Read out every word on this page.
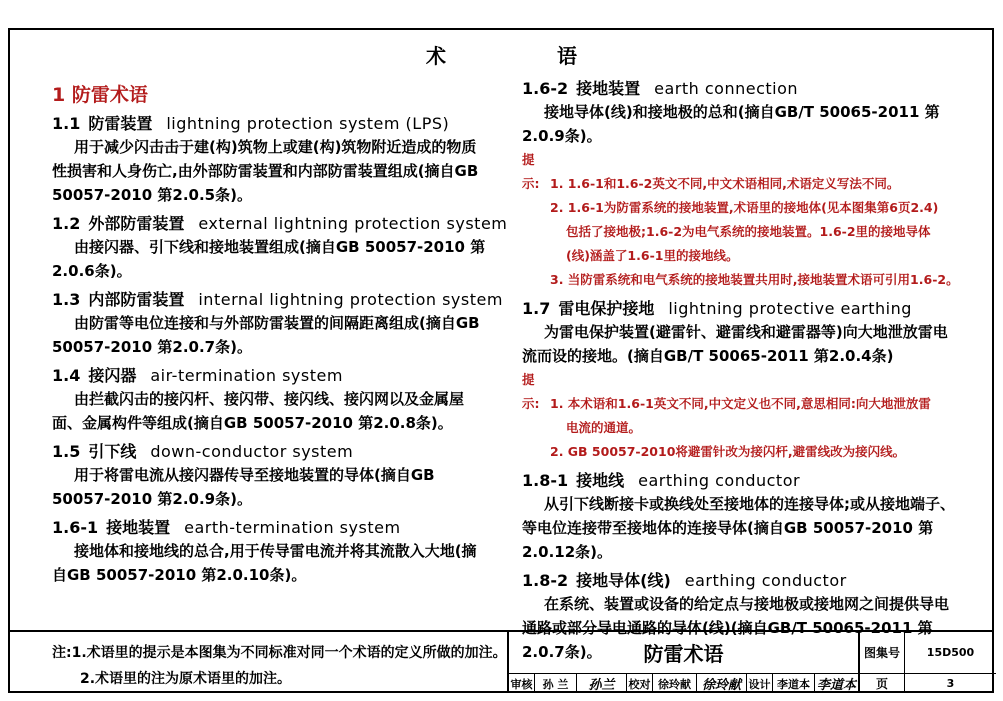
术 语
1 防雷术语
1.1 防雷装置 lightning protection system (LPS)
用于减少闪击击于建(构)筑物上或建(构)筑物附近造成的物质性损害和人身伤亡,由外部防雷装置和内部防雷装置组成(摘自GB 50057-2010 第2.0.5条)。
1.2 外部防雷装置 external lightning protection system
由接闪器、引下线和接地装置组成(摘自GB 50057-2010 第2.0.6条)。
1.3 内部防雷装置 internal lightning protection system
由防雷等电位连接和与外部防雷装置的间隔距离组成(摘自GB 50057-2010 第2.0.7条)。
1.4 接闪器 air-termination system
由拦截闪击的接闪杆、接闪带、接闪线、接闪网以及金属屋面、金属构件等组成(摘自GB 50057-2010 第2.0.8条)。
1.5 引下线 down-conductor system
用于将雷电流从接闪器传导至接地装置的导体(摘自GB 50057-2010 第2.0.9条)。
1.6-1 接地装置 earth-termination system
接地体和接地线的总合,用于传导雷电流并将其流散入大地(摘自GB 50057-2010 第2.0.10条)。
1.6-2 接地装置 earth connection
接地导体(线)和接地极的总和(摘自GB/T 50065-2011 第2.0.9条)。
提示: 1. 1.6-1和1.6-2英文不同,中文术语相同,术语定义写法不同。
2. 1.6-1为防雷系统的接地装置,术语里的接地体(见本图集第6页2.4)
包括了接地极;1.6-2为电气系统的接地装置。1.6-2里的接地导体
(线)涵盖了1.6-1里的接地线。
3. 当防雷系统和电气系统的接地装置共用时,接地装置术语可引用1.6-2。
1.7 雷电保护接地 lightning protective earthing
为雷电保护装置(避雷针、避雷线和避雷器等)向大地泄放雷电流而设的接地。(摘自GB/T 50065-2011 第2.0.4条)
提示: 1. 本术语和1.6-1英文不同,中文定义也不同,意思相同:向大地泄放雷
电流的通道。
2. GB 50057-2010将避雷针改为接闪杆,避雷线改为接闪线。
1.8-1 接地线 earthing conductor
从引下线断接卡或换线处至接地体的连接导体;或从接地端子、等电位连接带至接地体的连接导体(摘自GB 50057-2010 第2.0.12条)。
1.8-2 接地导体(线) earthing conductor
在系统、装置或设备的给定点与接地极或接地网之间提供导电通路或部分导电通路的导体(线)(摘自GB/T 50065-2011 第2.0.7条)。
注:1.术语里的提示是本图集为不同标准对同一个术语的定义所做的加注。
2.术语里的注为原术语里的加注。
防雷术语	图集号	15D500
审核 孙 兰	孙兰	校对 徐玲献 徐玲献 设计 李道本 李道本	页	3
